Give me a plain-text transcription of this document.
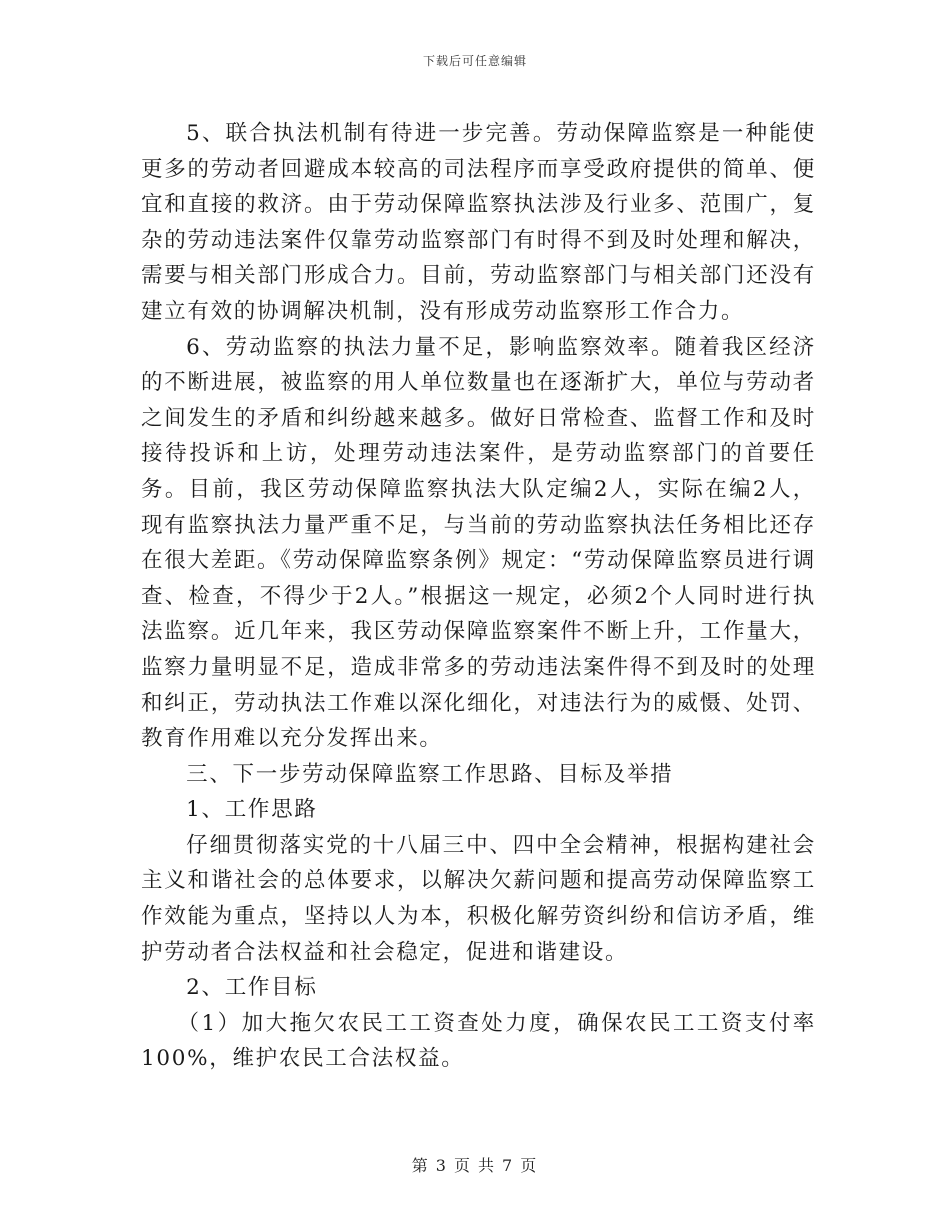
下载后可任意编辑

5、联合执法机制有待进一步完善。劳动保障监察是一种能使更多的劳动者回避成本较高的司法程序而享受政府提供的简单、便宜和直接的救济。由于劳动保障监察执法涉及行业多、范围广，复杂的劳动违法案件仅靠劳动监察部门有时得不到及时处理和解决，需要与相关部门形成合力。目前，劳动监察部门与相关部门还没有建立有效的协调解决机制，没有形成劳动监察形工作合力。

6、劳动监察的执法力量不足，影响监察效率。随着我区经济的不断进展，被监察的用人单位数量也在逐渐扩大，单位与劳动者之间发生的矛盾和纠纷越来越多。做好日常检查、监督工作和及时接待投诉和上访，处理劳动违法案件，是劳动监察部门的首要任务。目前，我区劳动保障监察执法大队定编2人，实际在编2人，现有监察执法力量严重不足，与当前的劳动监察执法任务相比还存在很大差距。《劳动保障监察条例》规定：“劳动保障监察员进行调查、检查，不得少于2人。”根据这一规定，必须2个人同时进行执法监察。近几年来，我区劳动保障监察案件不断上升，工作量大，监察力量明显不足，造成非常多的劳动违法案件得不到及时的处理和纠正，劳动执法工作难以深化细化，对违法行为的威慑、处罚、教育作用难以充分发挥出来。

三、下一步劳动保障监察工作思路、目标及举措

1、工作思路

仔细贯彻落实党的十八届三中、四中全会精神，根据构建社会主义和谐社会的总体要求，以解决欠薪问题和提高劳动保障监察工作效能为重点，坚持以人为本，积极化解劳资纠纷和信访矛盾，维护劳动者合法权益和社会稳定，促进和谐建设。

2、工作目标

（1）加大拖欠农民工工资查处力度，确保农民工工资支付率100%，维护农民工合法权益。

第 3 页 共 7 页
